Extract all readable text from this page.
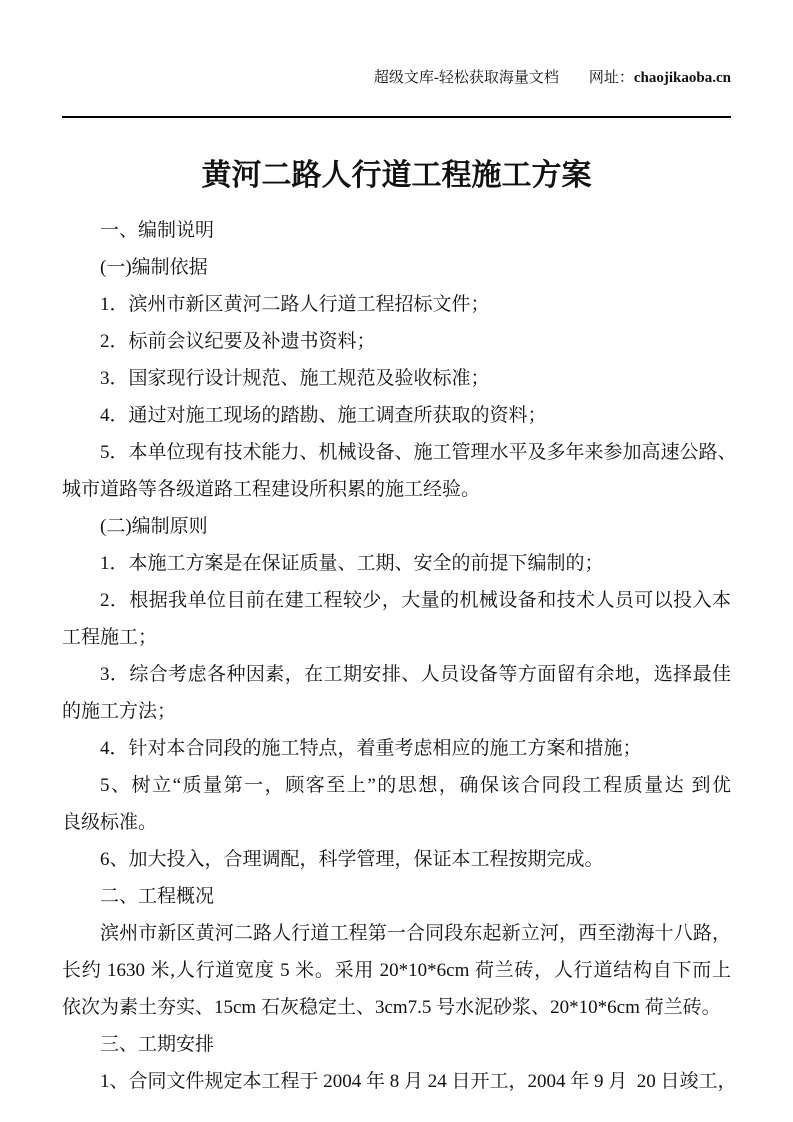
超级文库-轻松获取海量文档 网址：chaojikaoba.cn

黄河二路人行道工程施工方案
一、编制说明
(一)编制依据
1．滨州市新区黄河二路人行道工程招标文件；
2．标前会议纪要及补遗书资料；
3．国家现行设计规范、施工规范及验收标准；
4．通过对施工现场的踏勘、施工调查所获取的资料；
5．本单位现有技术能力、机械设备、施工管理水平及多年来参加高速公路、
城市道路等各级道路工程建设所积累的施工经验。
(二)编制原则
1．本施工方案是在保证质量、工期、安全的前提下编制的；
2．根据我单位目前在建工程较少，大量的机械设备和技术人员可以投入本
工程施工；
3．综合考虑各种因素，在工期安排、人员设备等方面留有余地，选择最佳
的施工方法；
4．针对本合同段的施工特点，着重考虑相应的施工方案和措施；
5、树立“质量第一，顾客至上”的思想，确保该合同段工程质量达 到优
良级标准。
6、加大投入，合理调配，科学管理，保证本工程按期完成。
二、工程概况
滨州市新区黄河二路人行道工程第一合同段东起新立河，西至渤海十八路，
长约 1630 米,人行道宽度 5 米。采用 20*10*6cm 荷兰砖，人行道结构自下而上
依次为素土夯实、15cm 石灰稳定土、3cm7.5 号水泥砂浆、20*10*6cm 荷兰砖。
三、工期安排
1、合同文件规定本工程于 2004 年 8 月 24 日开工，2004 年 9 月  20 日竣工，
